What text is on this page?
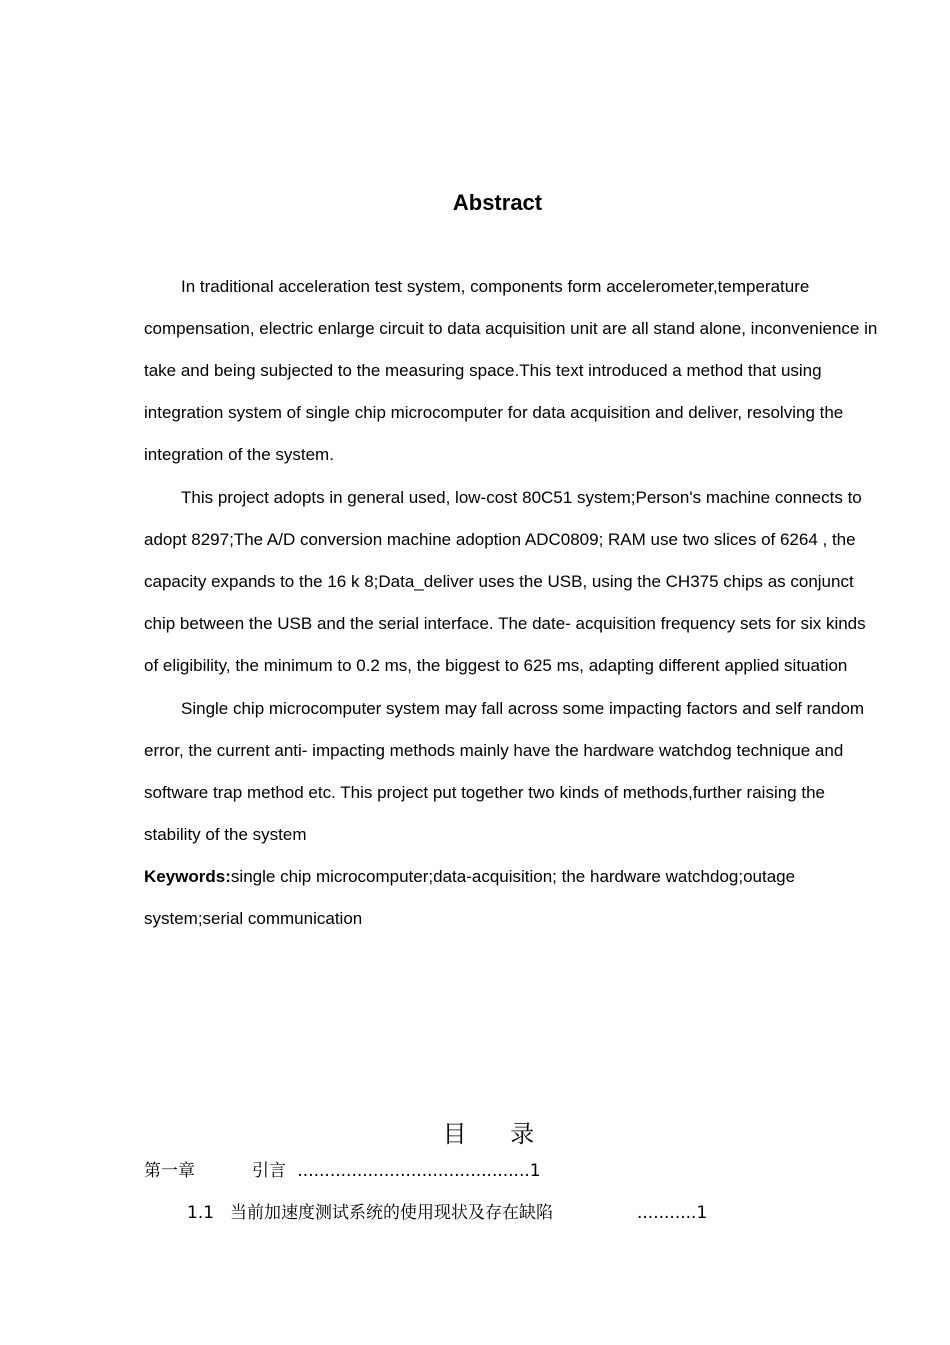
Abstract
In traditional acceleration test system, components form accelerometer,temperature
compensation, electric enlarge circuit to data acquisition unit are all stand alone, inconvenience in
take and being subjected to the measuring space.This text introduced a method that using
integration system of single chip microcomputer for data acquisition and deliver, resolving the
integration of the system.
This project adopts in general used, low-cost 80C51 system;Person's machine connects to
adopt 8297;The A/D conversion machine adoption ADC0809; RAM use two slices of 6264 , the
capacity expands to the 16 k 8;Data_deliver uses the USB, using the CH375 chips as conjunct
chip between the USB and the serial interface. The date- acquisition frequency sets for six kinds
of eligibility, the minimum to 0.2 ms, the biggest to 625 ms, adapting different applied situation
Single chip microcomputer system may fall across some impacting factors and self random
error, the current anti- impacting methods mainly have the hardware watchdog technique and
software trap method etc. This project put together two kinds of methods,further raising the
stability of the system
Keywords:single chip microcomputer;data-acquisition; the hardware watchdog;outage
system;serial communication
目 录
第一章	引言 ...........................................1
1.1 当前加速度测试系统的使用现状及存在缺陷	...........1
